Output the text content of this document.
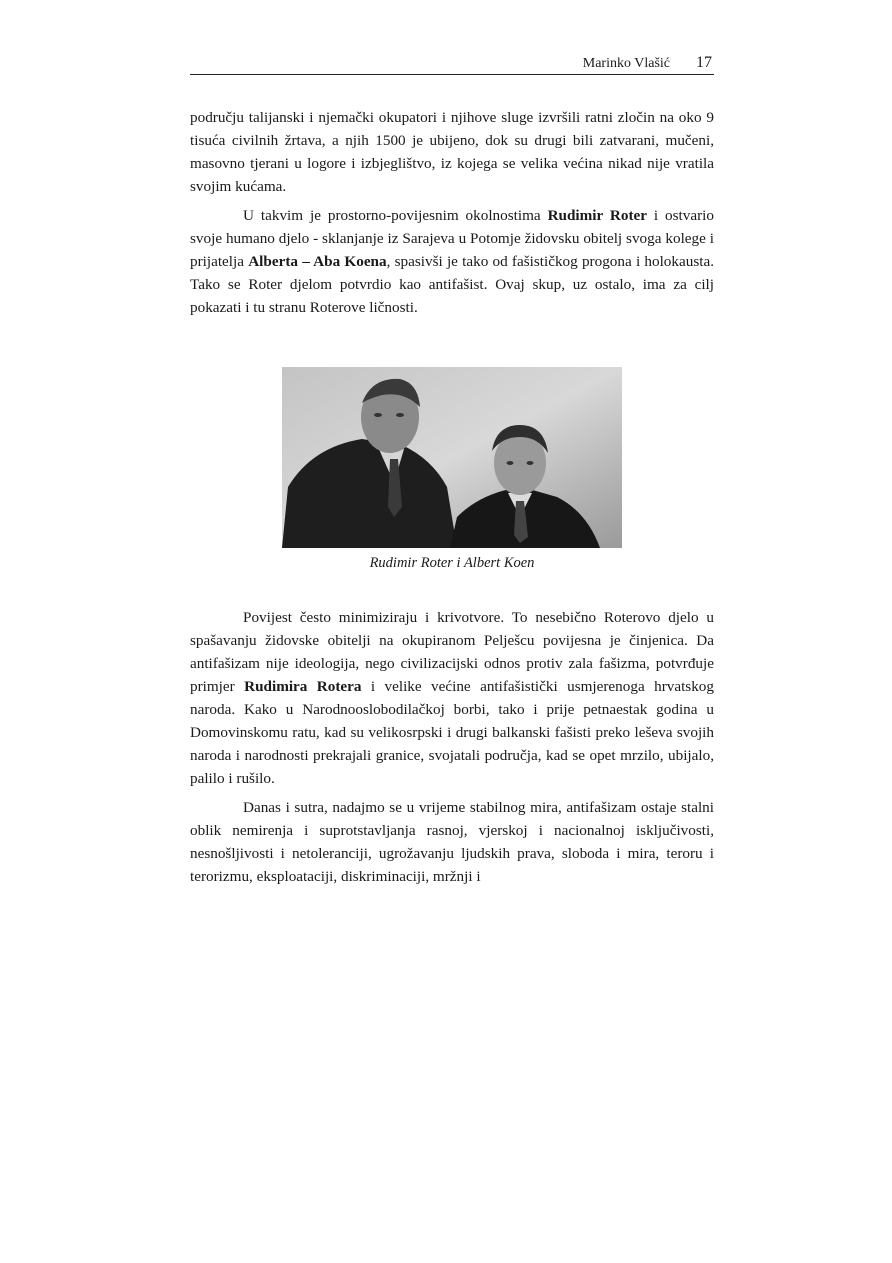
Marinko Vlašić 17

području talijanski i njemački okupatori i njihove sluge izvršili ratni zločin na oko 9 tisuća civilnih žrtava, a njih 1500 je ubijeno, dok su drugi bili zatvarani, mučeni, masovno tjerani u logore i izbjeglištvo, iz kojega se velika većina nikad nije vratila svojim kućama.

U takvim je prostorno-povijesnim okolnostima Rudimir Roter i ostvario svoje humano djelo - sklanjanje iz Sarajeva u Potomje židovsku obitelj svoga kolege i prijatelja Alberta – Aba Koena, spasivši je tako od fašističkog progona i holokausta. Tako se Roter djelom potvrdio kao antifašist. Ovaj skup, uz ostalo, ima za cilj pokazati i tu stranu Roterove ličnosti.

Rudimir Roter i Albert Koen

Povijest često minimiziraju i krivotvore. To nesebično Roterovo djelo u spašavanju židovske obitelji na okupiranom Pelješcu povijesna je činjenica. Da antifašizam nije ideologija, nego civilizacijski odnos protiv zala fašizma, potvrđuje primjer Rudimira Rotera i velike većine antifašistički usmjerenoga hrvatskog naroda. Kako u Narodnooslobodilačkoj borbi, tako i prije petnaestak godina u Domovinskomu ratu, kad su velikosrpski i drugi balkanski fašisti preko leševa svojih naroda i narodnosti prekrajali granice, svojatali područja, kad se opet mrzilo, ubijalo, palilo i rušilo.

Danas i sutra, nadajmo se u vrijeme stabilnog mira, antifašizam ostaje stalni oblik nemirenja i suprotstavljanja rasnoj, vjerskoj i nacionalnoj isključivosti, nesnošljivosti i netoleranciji, ugrožavanju ljudskih prava, sloboda i mira, teroru i terorizmu, eksploataciji, diskriminaciji, mržnji i
